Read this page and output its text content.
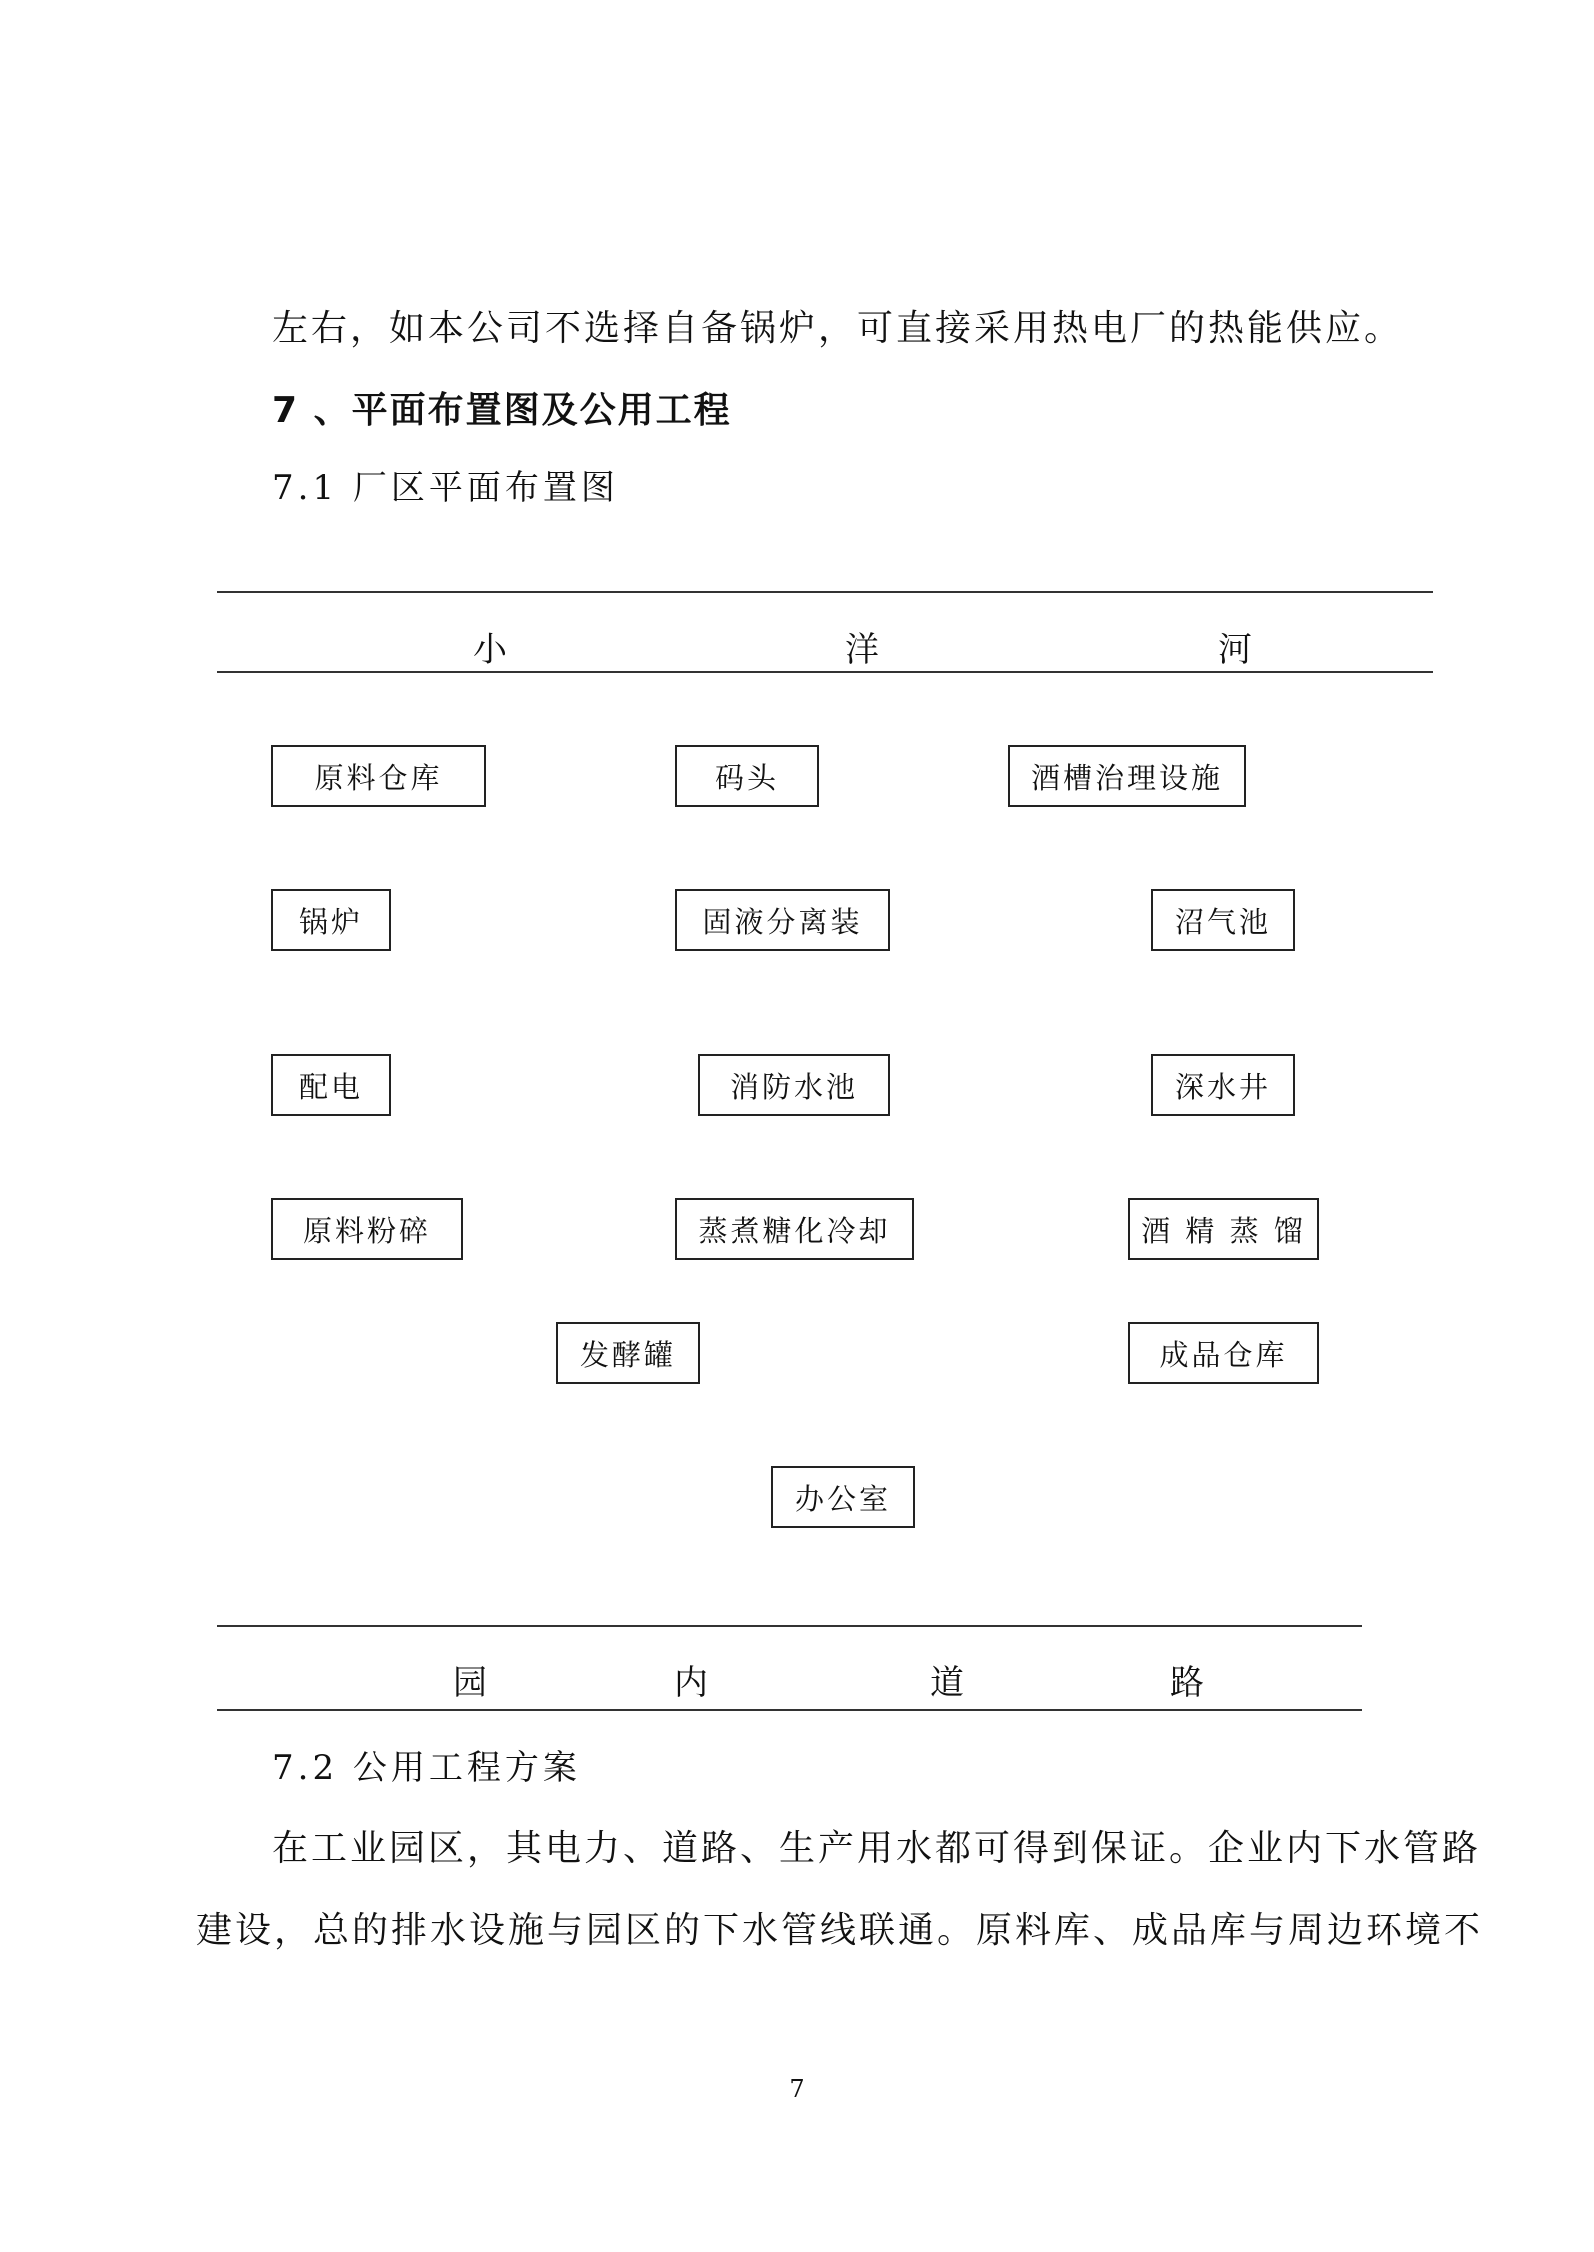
左右，如本公司不选择自备锅炉，可直接采用热电厂的热能供应。
7 、平面布置图及公用工程
7.1 厂区平面布置图
小	洋	河
原料仓库	码头	酒槽治理设施
锅炉	固液分离装	沼气池
配电	消防水池	深水井
原料粉碎	蒸煮糖化冷却	酒 精 蒸 馏
发酵罐	成品仓库
办公室
园	内	道	路
7.2 公用工程方案
在工业园区，其电力、道路、生产用水都可得到保证。企业内下水管路
建设，总的排水设施与园区的下水管线联通。原料库、成品库与周边环境不
7
